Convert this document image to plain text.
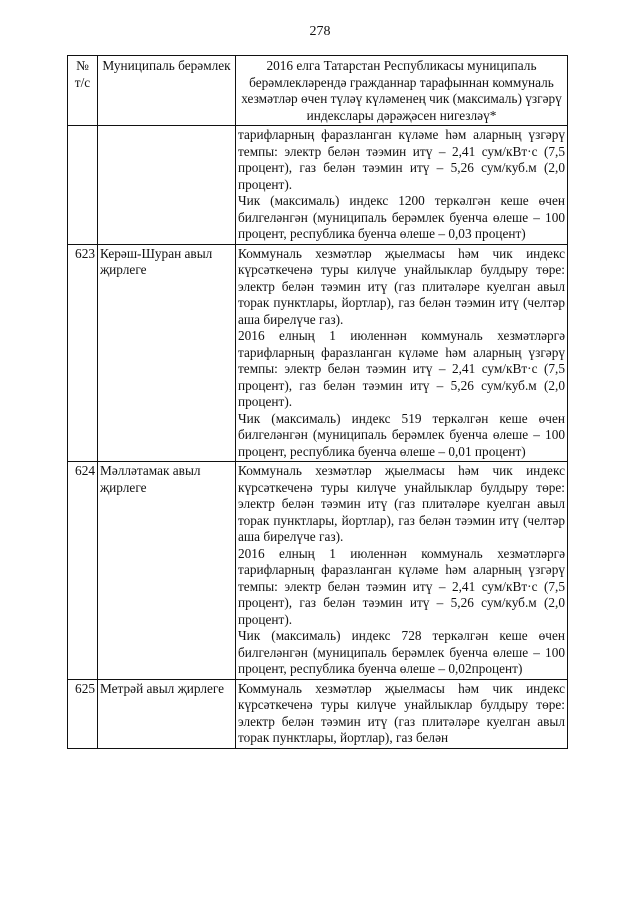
278
№ т/с	Муниципаль берәмлек	2016 елга Татарстан Республикасы муниципаль берәмлекләрендә гражданнар тарафыннан коммуналь хезмәтләр өчен түләү күләменең чик (максималь) үзгәрү индекслары дәрәҗәсен нигезләү*

		тарифларның фаразланган күләме һәм аларның үзгәрү темпы: электр белән тәэмин итү – 2,41 сум/кВт·с (7,5 процент), газ белән тәэмин итү – 5,26 сум/куб.м (2,0 процент).

Чик (максималь) индекс 1200 теркәлгән кеше өчен билгеләнгән (муниципаль берәмлек буенча өлеше – 100 процент, республика буенча өлеше – 0,03 процент)

623	Керәш-Шуран авыл җирлеге	Коммуналь хезмәтләр җыелмасы һәм чик индекс күрсәткеченә туры килүче унайлыклар булдыру төре: электр белән тәэмин итү (газ плитәләре куелган авыл торак пунктлары, йортлар), газ белән тәэмин итү (челтәр аша бирелүче газ).

2016 елның 1 июленнән коммуналь хезмәтләргә тарифларның фаразланган күләме һәм аларның үзгәрү темпы: электр белән тәэмин итү – 2,41 сум/кВт·с (7,5 процент), газ белән тәэмин итү – 5,26 сум/куб.м (2,0 процент).

Чик (максималь) индекс 519 теркәлгән кеше өчен билгеләнгән (муниципаль берәмлек буенча өлеше – 100 процент, республика буенча өлеше – 0,01 процент)

624	Мәлләтамак авыл җирлеге	Коммуналь хезмәтләр җыелмасы һәм чик индекс күрсәткеченә туры килүче унайлыклар булдыру төре: электр белән тәэмин итү (газ плитәләре куелган авыл торак пунктлары, йортлар), газ белән тәэмин итү (челтәр аша бирелүче газ).

2016 елның 1 июленнән коммуналь хезмәтләргә тарифларның фаразланган күләме һәм аларның үзгәрү темпы: электр белән тәэмин итү – 2,41 сум/кВт·с (7,5 процент), газ белән тәэмин итү – 5,26 сум/куб.м (2,0 процент).

Чик (максималь) индекс 728 теркәлгән кеше өчен билгеләнгән (муниципаль берәмлек буенча өлеше – 100 процент, республика буенча өлеше – 0,02процент)

625	Метрәй авыл җирлеге	Коммуналь хезмәтләр җыелмасы һәм чик индекс күрсәткеченә туры килүче унайлыклар булдыру төре: электр белән тәэмин итү (газ плитәләре куелган авыл торак пунктлары, йортлар), газ белән
